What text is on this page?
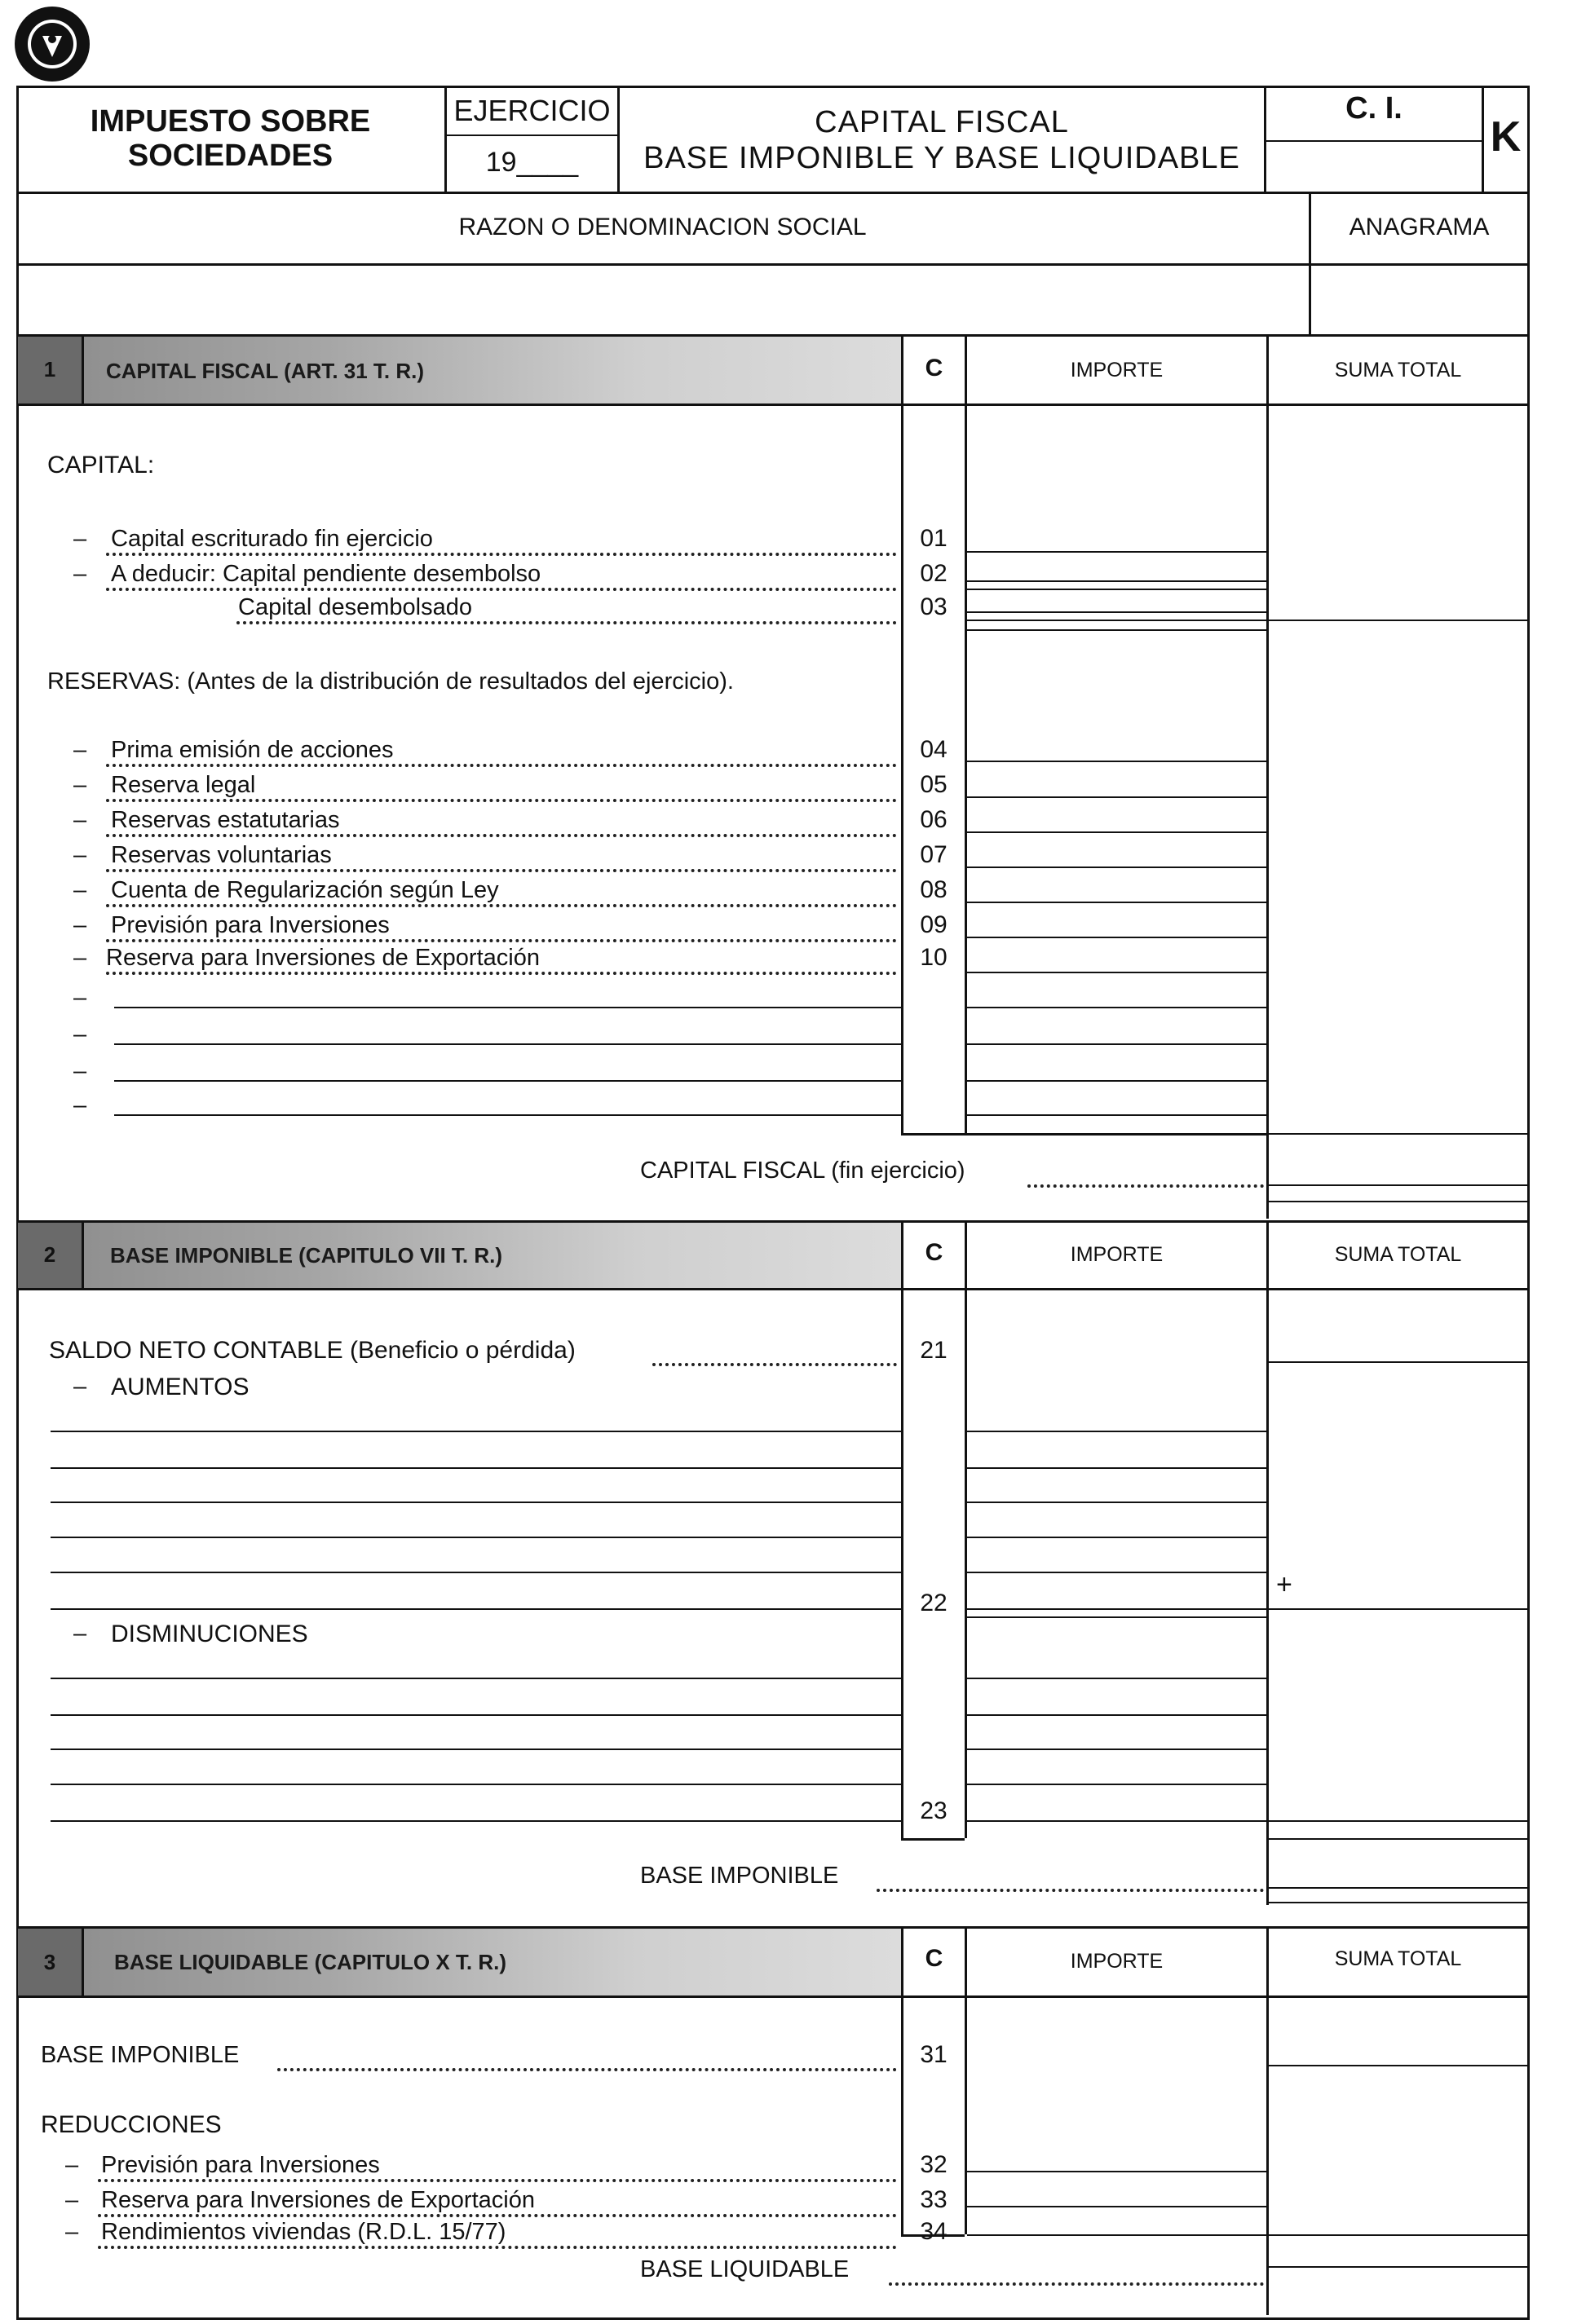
IMPUESTO SOBRE
SOCIEDADES
EJERCICIO
19____
CAPITAL FISCAL
BASE IMPONIBLE Y BASE LIQUIDABLE
C. I.
K
RAZON O DENOMINACION SOCIAL	ANAGRAMA
1	CAPITAL FISCAL (ART. 31 T. R.)	C	IMPORTE	SUMA TOTAL
CAPITAL:
– Capital escriturado fin ejercicio	01
– A deducir: Capital pendiente desembolso	02
Capital desembolsado	03
RESERVAS: (Antes de la distribución de resultados del ejercicio).
– Prima emisión de acciones	04
– Reserva legal	05
– Reservas estatutarias	06
– Reservas voluntarias	07
– Cuenta de Regularización según Ley	08
– Previsión para Inversiones	09
– Reserva para Inversiones de Exportación	10
–
–
–
–
CAPITAL FISCAL (fin ejercicio)
2	BASE IMPONIBLE (CAPITULO VII T. R.)	C	IMPORTE	SUMA TOTAL
SALDO NETO CONTABLE (Beneficio o pérdida)	21
– AUMENTOS
22
+
– DISMINUCIONES
23
BASE IMPONIBLE
3	BASE LIQUIDABLE (CAPITULO X T. R.)	C	IMPORTE	SUMA TOTAL
BASE IMPONIBLE	31
REDUCCIONES
– Previsión para Inversiones	32
– Reserva para Inversiones de Exportación	33
– Rendimientos viviendas (R.D.L. 15/77)	34
BASE LIQUIDABLE
